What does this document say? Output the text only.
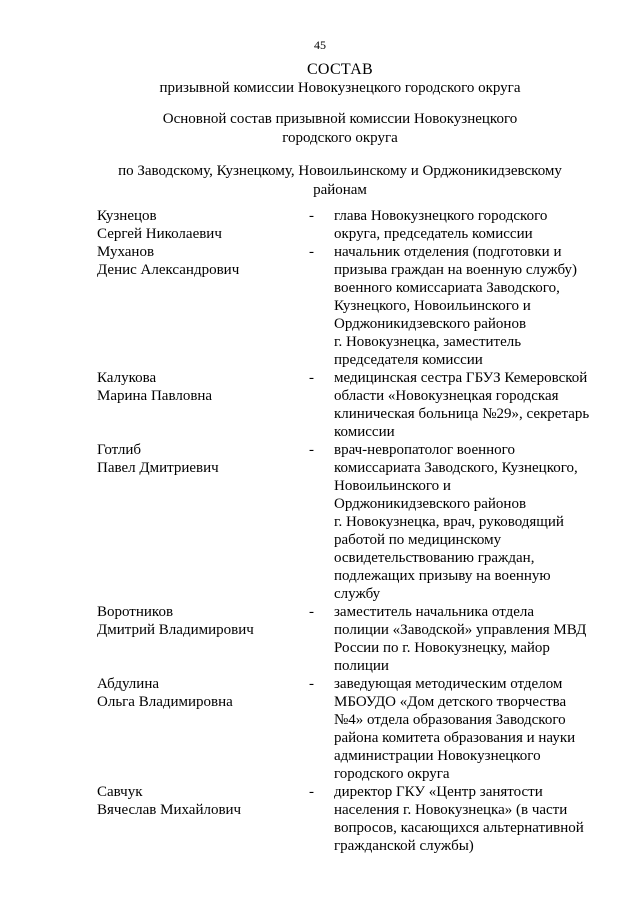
45
СОСТАВ
призывной комиссии Новокузнецкого городского округа
Основной состав призывной комиссии Новокузнецкого
городского округа
по Заводскому, Кузнецкому, Новоильинскому и Орджоникидзевскому
районам
Кузнецов
Сергей Николаевич
-	глава Новокузнецкого городского
округа, председатель комиссии
Муханов
Денис Александрович
-	начальник отделения (подготовки и
призыва граждан на военную службу)
военного комиссариата Заводского,
Кузнецкого, Новоильинского и
Орджоникидзевского районов
г. Новокузнецка, заместитель
председателя комиссии
Калукова
Марина Павловна
-	медицинская сестра ГБУЗ Кемеровской
области «Новокузнецкая городская
клиническая больница №29», секретарь
комиссии
Готлиб
Павел Дмитриевич
-	врач-невропатолог военного
комиссариата Заводского, Кузнецкого,
Новоильинского и
Орджоникидзевского районов
г. Новокузнецка, врач, руководящий
работой по медицинскому
освидетельствованию граждан,
подлежащих призыву на военную
службу
Воротников
Дмитрий Владимирович
-	заместитель начальника отдела
полиции «Заводской» управления МВД
России по г. Новокузнецку, майор
полиции
Абдулина
Ольга Владимировна
-	заведующая методическим отделом
МБОУДО «Дом детского творчества
№4» отдела образования Заводского
района комитета образования и науки
администрации Новокузнецкого
городского округа
Савчук
Вячеслав Михайлович
-	директор ГКУ «Центр занятости
населения г. Новокузнецка» (в части
вопросов, касающихся альтернативной
гражданской службы)
